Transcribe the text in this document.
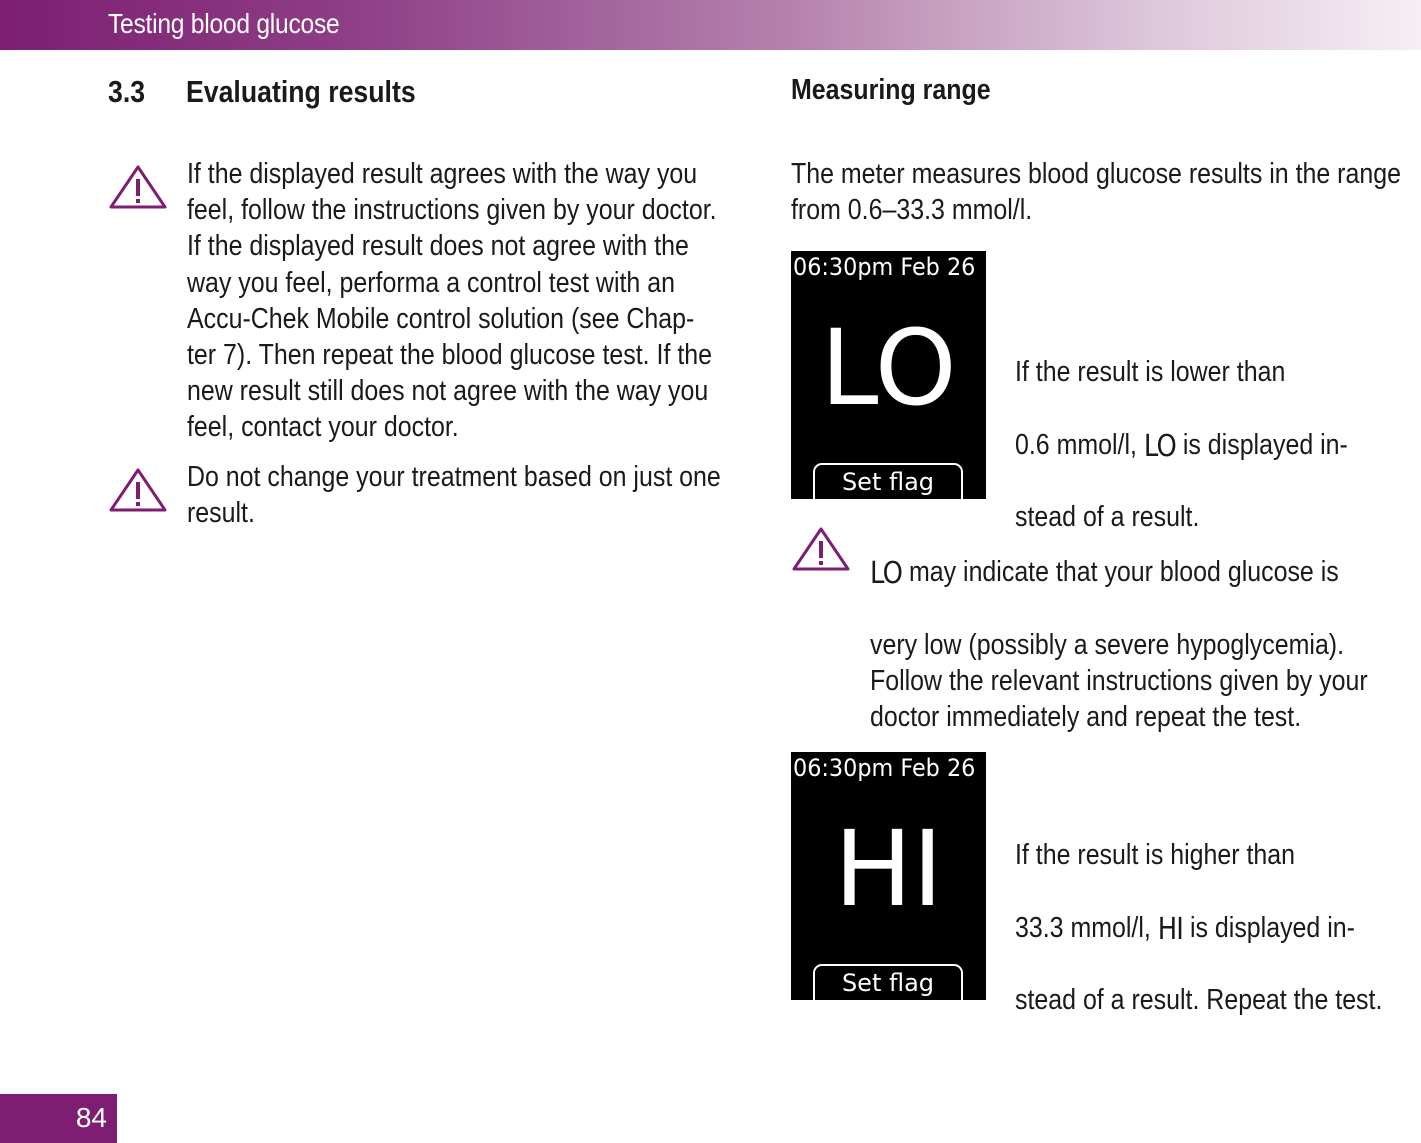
Testing blood glucose
3.3 Evaluating results
If the displayed result agrees with the way you
feel, follow the instructions given by your doctor.
If the displayed result does not agree with the
way you feel, performa a control test with an
Accu-Chek Mobile control solution (see Chap-
ter 7). Then repeat the blood glucose test. If the
new result still does not agree with the way you
feel, contact your doctor.
Do not change your treatment based on just one
result.
Measuring range
The meter measures blood glucose results in the range
from 0.6–33.3 mmol/l.
06:30pm Feb 26
LO
Set flag

If the result is lower than

0.6 mmol/l, LO is displayed in-

stead of a result.

LO may indicate that your blood glucose is

very low (possibly a severe hypoglycemia).
Follow the relevant instructions given by your
doctor immediately and repeat the test.

06:30pm Feb 26
HI
Set flag

If the result is higher than

33.3 mmol/l, HI is displayed in-

stead of a result. Repeat the test.

84
